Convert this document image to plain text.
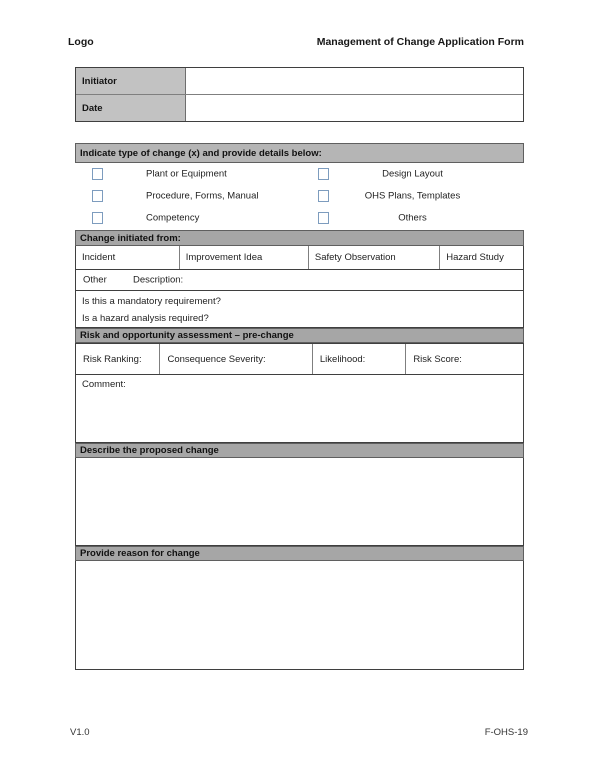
Logo	Management of Change Application Form
Initiator
Date
Indicate type of change (x) and provide details below:
Plant or Equipment	Design Layout
Procedure, Forms, Manual	OHS Plans, Templates
Competency	Others
Change initiated from:
Incident	Improvement Idea	Safety Observation	Hazard Study
Other	Description:
Is this a mandatory requirement?
Is a hazard analysis required?
Risk and opportunity assessment – pre-change
Risk Ranking:	Consequence Severity:	Likelihood:	Risk Score:
Comment:
Describe the proposed change
Provide reason for change
V1.0	F-OHS-19
